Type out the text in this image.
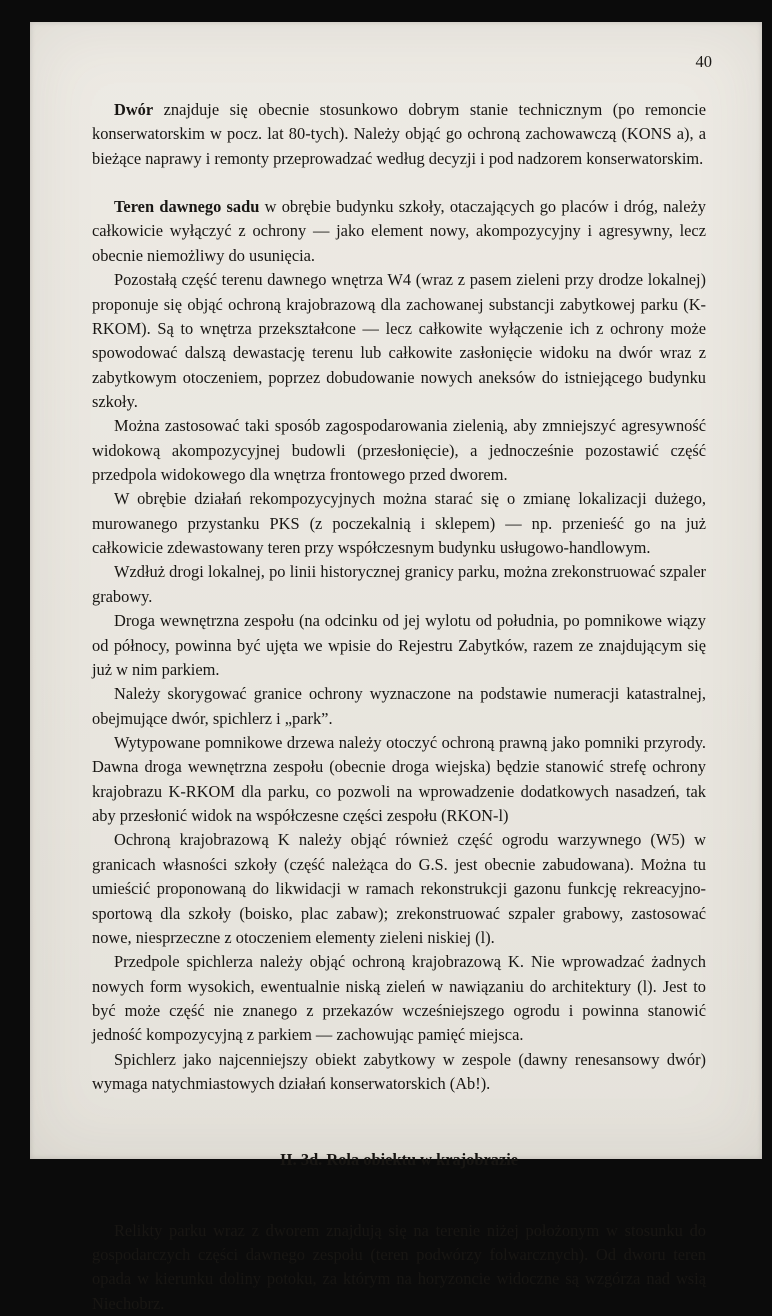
40

Dwór znajduje się obecnie stosunkowo dobrym stanie technicznym (po remoncie konserwatorskim w pocz. lat 80-tych). Należy objąć go ochroną zachowawczą (KONS a), a bieżące naprawy i remonty przeprowadzać według decyzji i pod nadzorem konserwatorskim.

Teren dawnego sadu w obrębie budynku szkoły, otaczających go placów i dróg, należy całkowicie wyłączyć z ochrony — jako element nowy, akompozycyjny i agresywny, lecz obecnie niemożliwy do usunięcia.

Pozostałą część terenu dawnego wnętrza W4 (wraz z pasem zieleni przy drodze lokalnej) proponuje się objąć ochroną krajobrazową dla zachowanej substancji zabytkowej parku (K-RKOM). Są to wnętrza przekształcone — lecz całkowite wyłączenie ich z ochrony może spowodować dalszą dewastację terenu lub całkowite zasłonięcie widoku na dwór wraz z zabytkowym otoczeniem, poprzez dobudowanie nowych aneksów do istniejącego budynku szkoły.

Można zastosować taki sposób zagospodarowania zielenią, aby zmniejszyć agresywność widokową akompozycyjnej budowli (przesłonięcie), a jednocześnie pozostawić część przedpola widokowego dla wnętrza frontowego przed dworem.

W obrębie działań rekompozycyjnych można starać się o zmianę lokalizacji dużego, murowanego przystanku PKS (z poczekalnią i sklepem) — np. przenieść go na już całkowicie zdewastowany teren przy współczesnym budynku usługowo-handlowym.

Wzdłuż drogi lokalnej, po linii historycznej granicy parku, można zrekonstruować szpaler grabowy.

Droga wewnętrzna zespołu (na odcinku od jej wylotu od południa, po pomnikowe wiązy od północy, powinna być ujęta we wpisie do Rejestru Zabytków, razem ze znajdującym się już w nim parkiem.

Należy skorygować granice ochrony wyznaczone na podstawie numeracji katastralnej, obejmujące dwór, spichlerz i „park”.

Wytypowane pomnikowe drzewa należy otoczyć ochroną prawną jako pomniki przyrody. Dawna droga wewnętrzna zespołu (obecnie droga wiejska) będzie stanowić strefę ochrony krajobrazu K-RKOM dla parku, co pozwoli na wprowadzenie dodatkowych nasadzeń, tak aby przesłonić widok na współczesne części zespołu (RKON-l)

Ochroną krajobrazową K należy objąć również część ogrodu warzywnego (W5) w granicach własności szkoły (część należąca do G.S. jest obecnie zabudowana). Można tu umieścić proponowaną do likwidacji w ramach rekonstrukcji gazonu funkcję rekreacyjno-sportową dla szkoły (boisko, plac zabaw); zrekonstruować szpaler grabowy, zastosować nowe, niesprzeczne z otoczeniem elementy zieleni niskiej (l).

Przedpole spichlerza należy objąć ochroną krajobrazową K. Nie wprowadzać żadnych nowych form wysokich, ewentualnie niską zieleń w nawiązaniu do architektury (l). Jest to być może część nie znanego z przekazów wcześniejszego ogrodu i powinna stanowić jedność kompozycyjną z parkiem — zachowując pamięć miejsca.

Spichlerz jako najcenniejszy obiekt zabytkowy w zespole (dawny renesansowy dwór) wymaga natychmiastowych działań konserwatorskich (Ab!).

II. 3d. Rola obiektu w krajobrazie

Relikty parku wraz z dworem znajdują się na terenie niżej położonym w stosunku do gospodarczych części dawnego zespołu (teren podwórzy folwarcznych). Od dworu teren opada w kierunku doliny potoku, za którym na horyzoncie widoczne są wzgórza nad wsią Niechobrz.
